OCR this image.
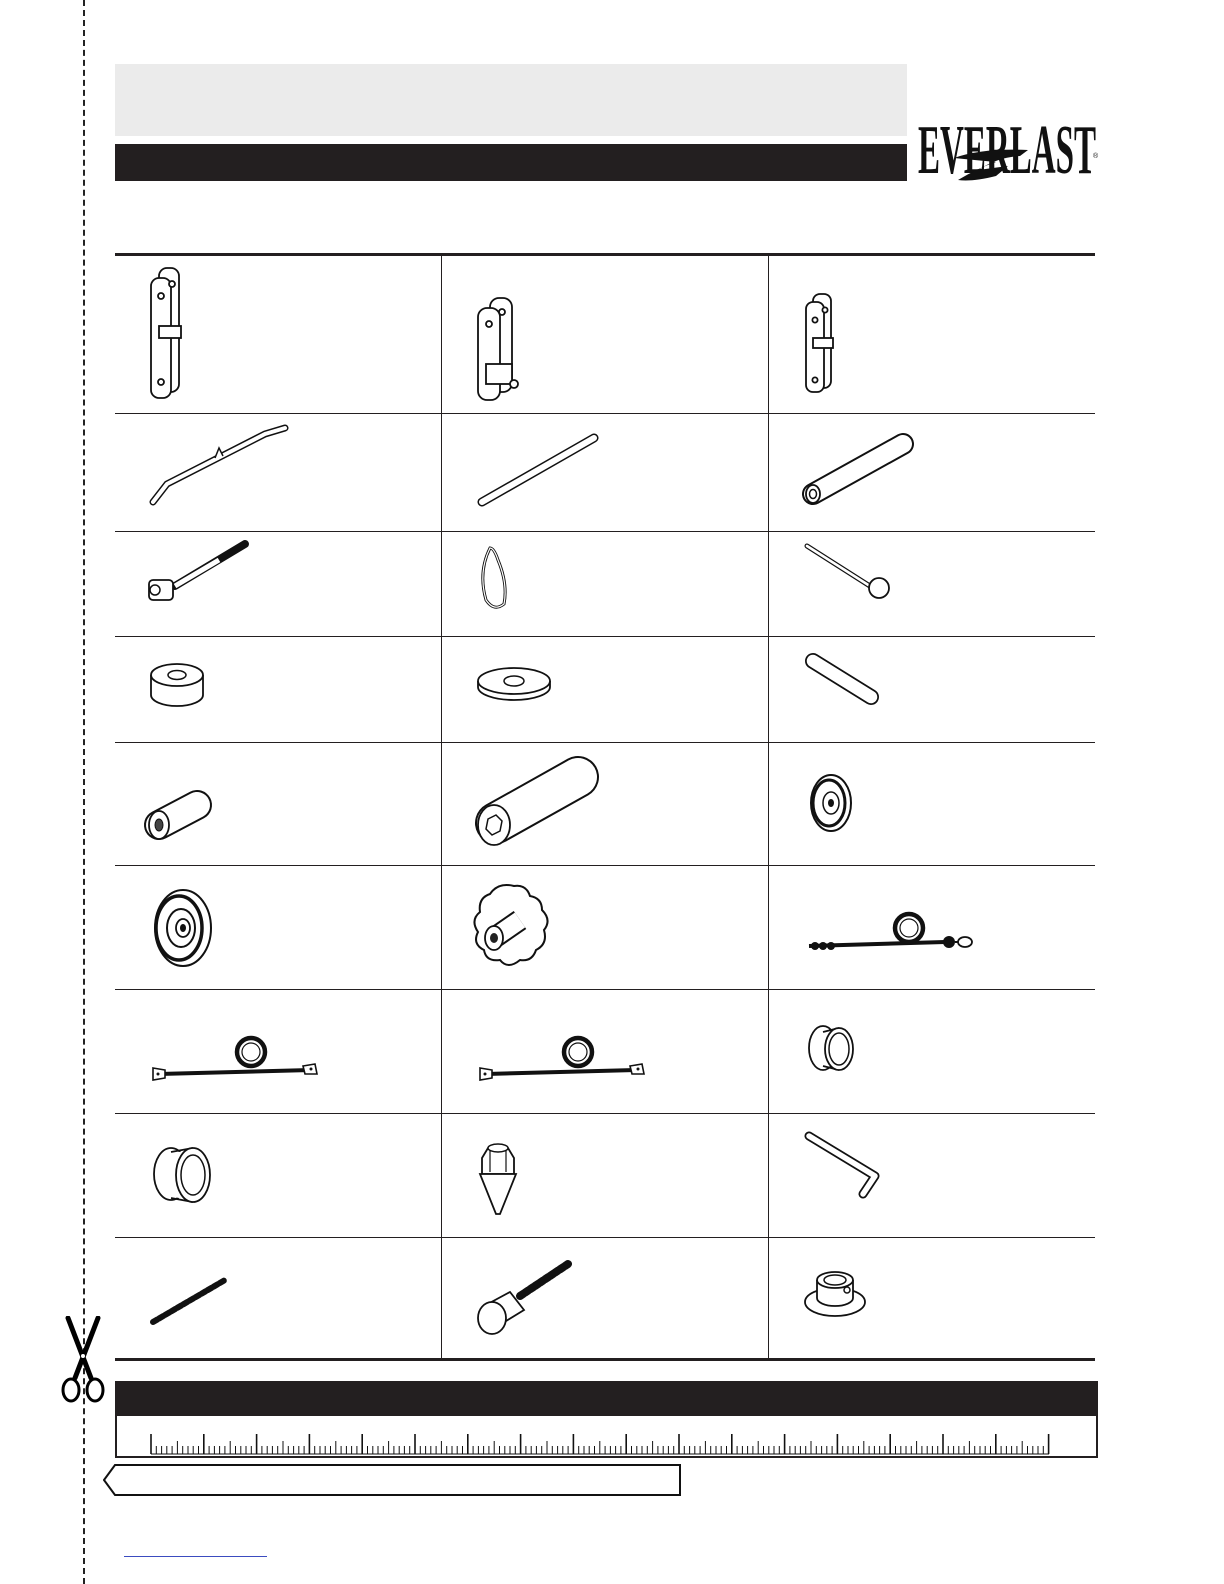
EVERLAST
®
